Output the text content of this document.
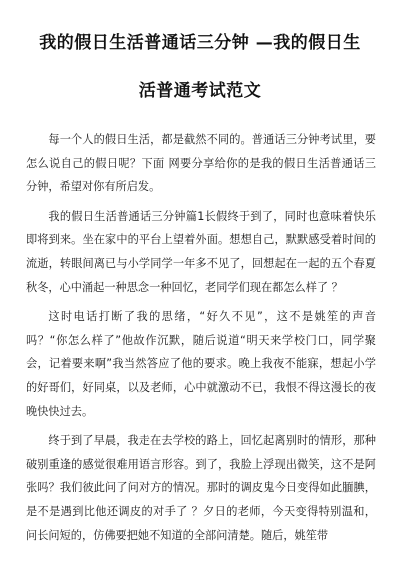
我的假日生活普通话三分钟 —我的假日生
活普通考试范文

每一个人的假日生活，都是截然不同的。普通话三分钟考试里，要怎么说自己的假日呢？下面 网要分享给你的是我的假日生活普通话三分钟，希望对你有所启发。

我的假日生活普通话三分钟篇1长假终于到了，同时也意味着快乐即将到来。坐在家中的平台上望着外面。想想自己，默默感受着时间的流逝，转眼间离已与小学同学一年多不见了，回想起在一起的五个春夏秋冬，心中涌起一种思念一种回忆，老同学们现在都怎么样了 ？

这时电话打断了我的思绪，“好久不见”，这不是姚笙的声音吗？“你怎么样了”他故作沉默，随后说道“明天来学校门口，同学聚会，记着要来啊”我当然答应了他的要求。晚上我夜不能寐，想起小学的好哥们，好同桌，以及老师，心中就激动不已，我恨不得这漫长的夜晚快快过去。

终于到了早晨，我走在去学校的路上，回忆起离别时的情形，那种破别重逢的感觉很难用语言形容。到了，我脸上浮现出微笑，这不是阿张吗？我们彼此问了问对方的情况。那时的调皮鬼今日变得如此腼腆，是不是遇到比他还调皮的对手了 ？夕日的老师，今天变得特别温和，问长问短的，仿佛要把她不知道的全部问清楚。随后，姚笙带
